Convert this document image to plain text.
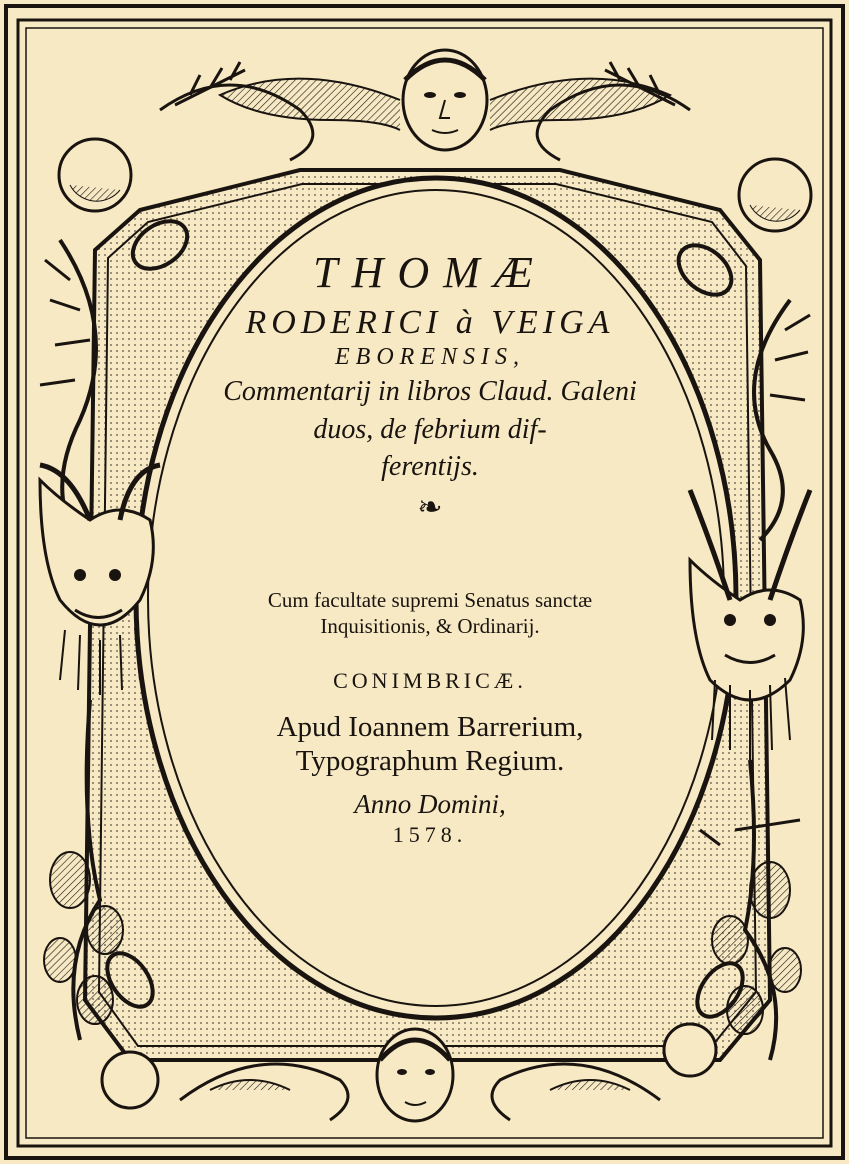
THOMÆ
RODERICI à VEIGA
EBORENSIS,
Commentarij in libros Claud. Galeni
duos, de febrium dif-
ferentijs.
❧
Cum facultate supremi Senatus sanctæ
Inquisitionis, & Ordinarij.
CONIMBRICÆ.
Apud Ioannem Barrerium,
Typographum Regium.
Anno Domini,
1578.
